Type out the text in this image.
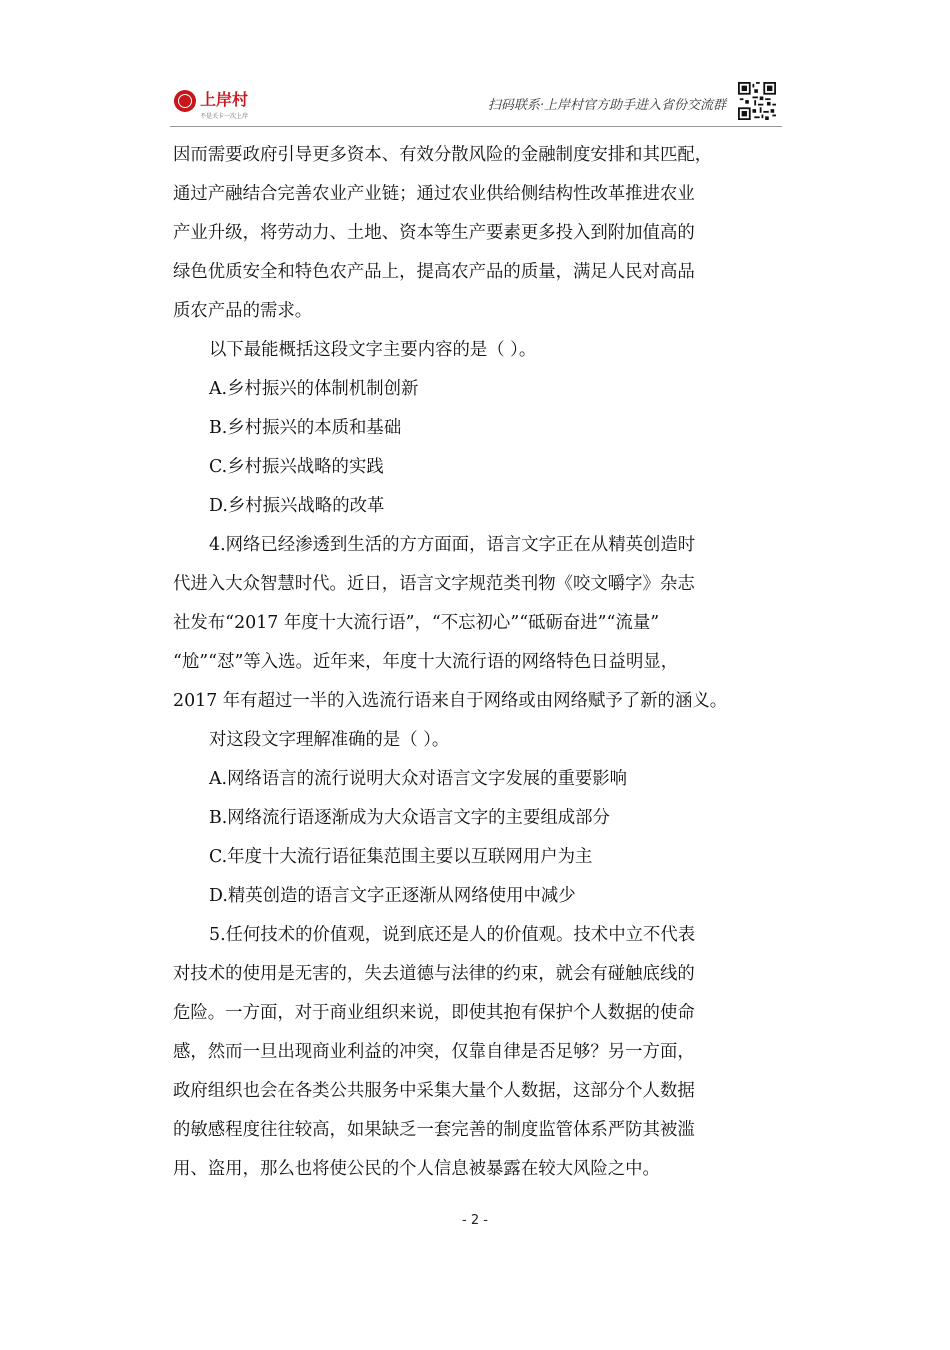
上岸村
不是关卡一次上岸
扫码联系·上岸村官方助手进入省份交流群
因而需要政府引导更多资本、有效分散风险的金融制度安排和其匹配，
通过产融结合完善农业产业链；通过农业供给侧结构性改革推进农业
产业升级，将劳动力、土地、资本等生产要素更多投入到附加值高的
绿色优质安全和特色农产品上，提高农产品的质量，满足人民对高品
质农产品的需求。
以下最能概括这段文字主要内容的是（ ）。
A.乡村振兴的体制机制创新
B.乡村振兴的本质和基础
C.乡村振兴战略的实践
D.乡村振兴战略的改革
4.网络已经渗透到生活的方方面面，语言文字正在从精英创造时
代进入大众智慧时代。近日，语言文字规范类刊物《咬文嚼字》杂志
社发布“2017 年度十大流行语”，“不忘初心”“砥砺奋进”“流量”
“尬”“怼”等入选。近年来，年度十大流行语的网络特色日益明显，
2017 年有超过一半的入选流行语来自于网络或由网络赋予了新的涵义。
对这段文字理解准确的是（ ）。
A.网络语言的流行说明大众对语言文字发展的重要影响
B.网络流行语逐渐成为大众语言文字的主要组成部分
C.年度十大流行语征集范围主要以互联网用户为主
D.精英创造的语言文字正逐渐从网络使用中减少
5.任何技术的价值观，说到底还是人的价值观。技术中立不代表
对技术的使用是无害的，失去道德与法律的约束，就会有碰触底线的
危险。一方面，对于商业组织来说，即使其抱有保护个人数据的使命
感，然而一旦出现商业利益的冲突，仅靠自律是否足够？另一方面，
政府组织也会在各类公共服务中采集大量个人数据，这部分个人数据
的敏感程度往往较高，如果缺乏一套完善的制度监管体系严防其被滥
用、盗用，那么也将使公民的个人信息被暴露在较大风险之中。
- 2 -
